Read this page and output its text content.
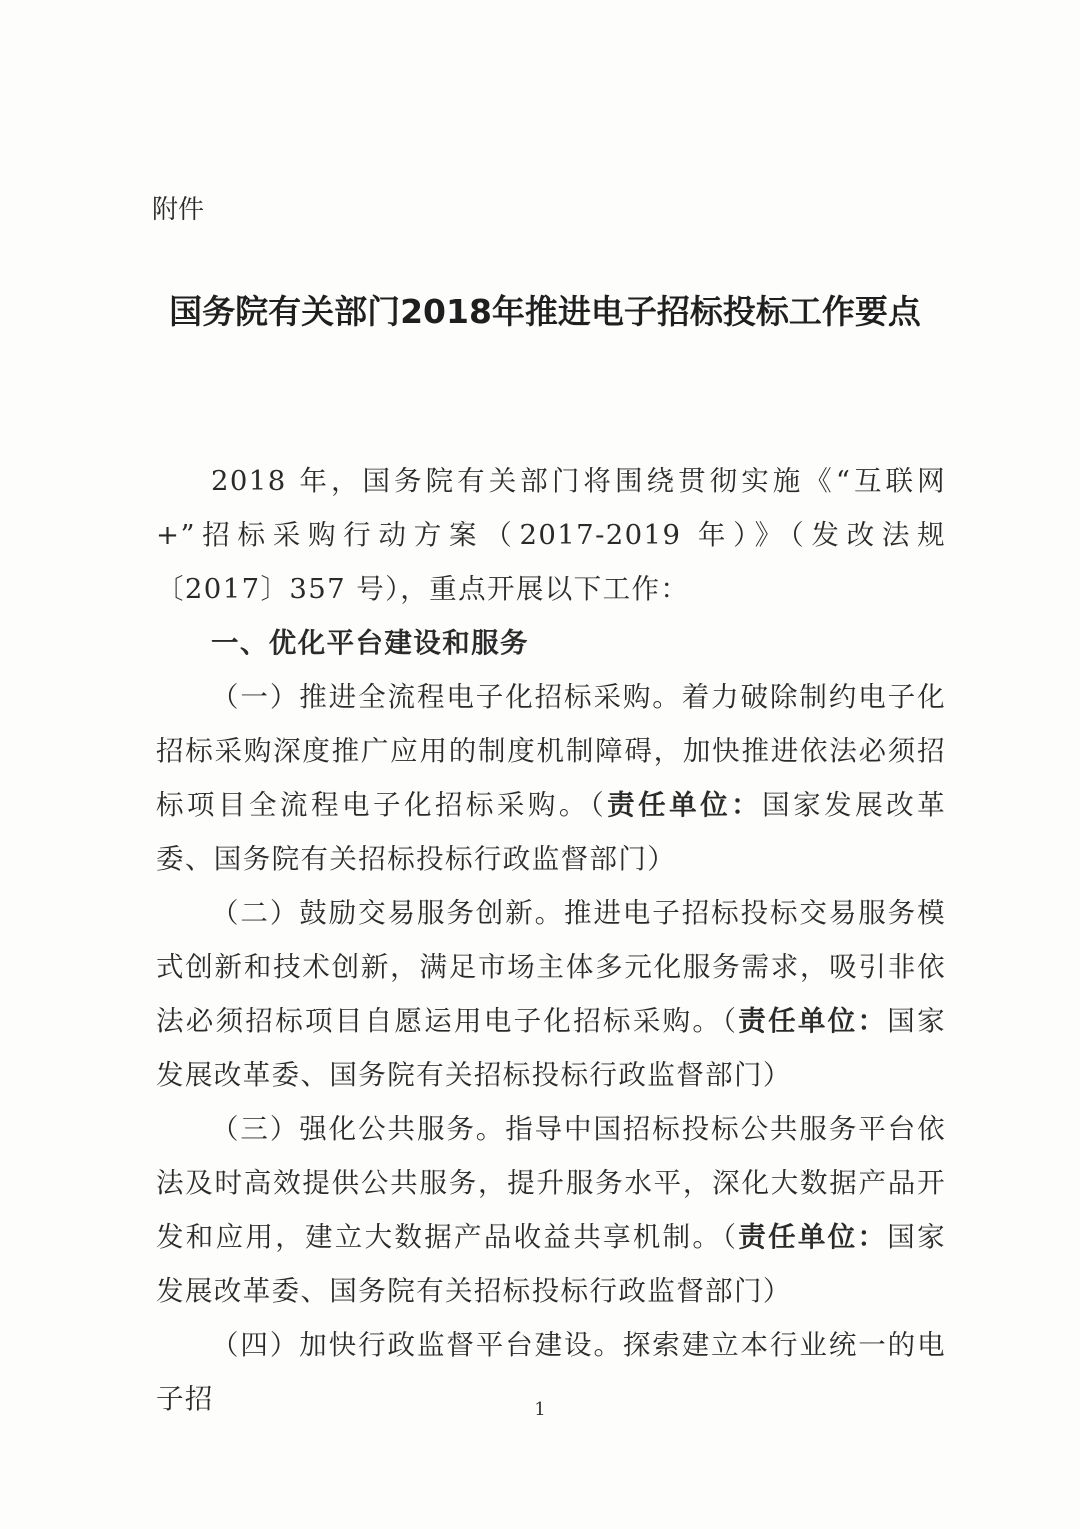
附件
国务院有关部门2018年推进电子招标投标工作要点

2018 年，国务院有关部门将围绕贯彻实施《“互联网+”招标采购行动方案（2017-2019 年）》（发改法规〔2017〕357 号），重点开展以下工作：

一、优化平台建设和服务

（一）推进全流程电子化招标采购。着力破除制约电子化招标采购深度推广应用的制度机制障碍，加快推进依法必须招标项目全流程电子化招标采购。（责任单位：国家发展改革委、国务院有关招标投标行政监督部门）

（二）鼓励交易服务创新。推进电子招标投标交易服务模式创新和技术创新，满足市场主体多元化服务需求，吸引非依法必须招标项目自愿运用电子化招标采购。（责任单位：国家发展改革委、国务院有关招标投标行政监督部门）

（三）强化公共服务。指导中国招标投标公共服务平台依法及时高效提供公共服务，提升服务水平，深化大数据产品开发和应用，建立大数据产品收益共享机制。（责任单位：国家发展改革委、国务院有关招标投标行政监督部门）

（四）加快行政监督平台建设。探索建立本行业统一的电子招	1
